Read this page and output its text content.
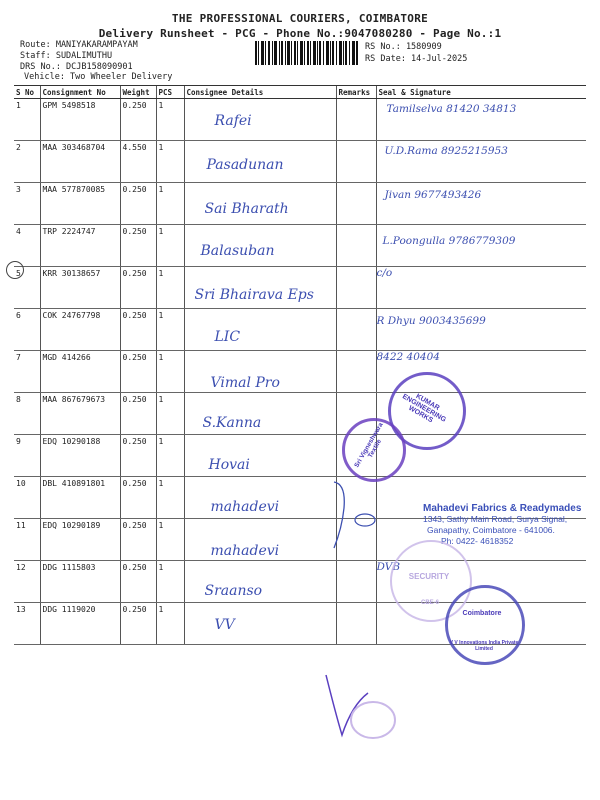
THE PROFESSIONAL COURIERS, COIMBATORE
Delivery Runsheet - PCG - Phone No.:9047080280 - Page No.:1
Route: MANIYAKARAMPAYAM
Staff: SUDALIMUTHU
DRS No.: DCJB158090901
Vehicle: Two Wheeler Delivery
RS No.: 1580909
RS Date: 14-Jul-2025
S No	Consignment No	Weight	PCS	Consignee Details	Remarks	Seal & Signature
1	GPM 5498518	0.250	1	Rafei		Tamilselva 81420 34813

2	MAA 303468704	4.550	1	Pasadunan		U.D.Rama 8925215953

3	MAA 577870085	0.250	1	Sai Bharath		Jivan 9677493426

4	TRP 2224747	0.250	1	Balasuban		L.Poongulla 9786779309

5	KRR 30138657	0.250	1	Sri Bhairava Eps		c/o

6	COK 24767798	0.250	1	LIC		R Dhyu 9003435699

7	MGD 414266	0.250	1	Vimal Pro		8422 40404

8	MAA 867679673	0.250	1	S.Kanna		

9	EDQ 10290188	0.250	1	Hovai		

10	DBL 410891801	0.250	1	mahadevi		

11	EDQ 10290189	0.250	1	mahadevi		

12	DDG 1115803	0.250	1	Sraanso		DVB

13	DDG 1119020	0.250	1	VV		

KUMAR ENGINEERING WORKS
Sri Vigneshwara Textile
Mahadevi Fabrics & Readymades
1343, Sathy Main Road, Surya Signal,
Ganapathy, Coimbatore - 641006.
Ph: 0422- 4618352
SECURITY
CBE-6
Coimbatore
V V Innovations India Private Limited
